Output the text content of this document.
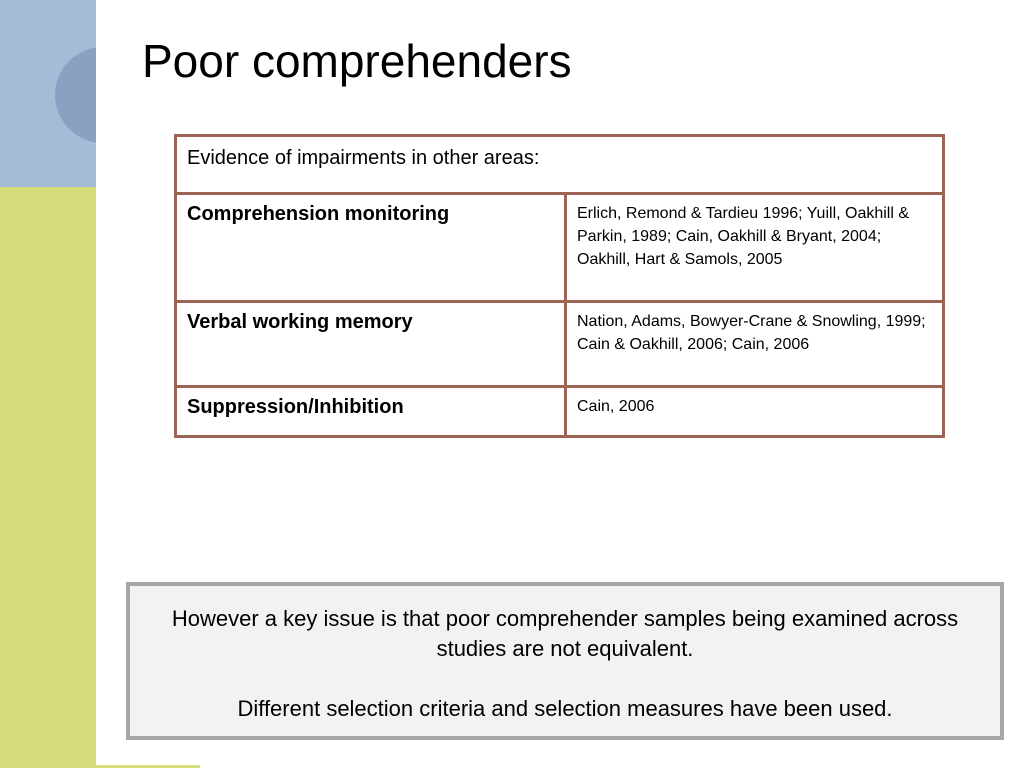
Poor comprehenders
Evidence of impairments in other areas:	
Comprehension monitoring	Erlich, Remond & Tardieu 1996; Yuill, Oakhill & Parkin, 1989; Cain, Oakhill & Bryant, 2004; Oakhill, Hart & Samols, 2005
Verbal working memory	Nation, Adams, Bowyer-Crane & Snowling, 1999; Cain & Oakhill, 2006; Cain, 2006
Suppression/Inhibition	Cain, 2006

However a key issue is that poor comprehender samples being examined across studies are not equivalent.

Different selection criteria and selection measures have been used.
